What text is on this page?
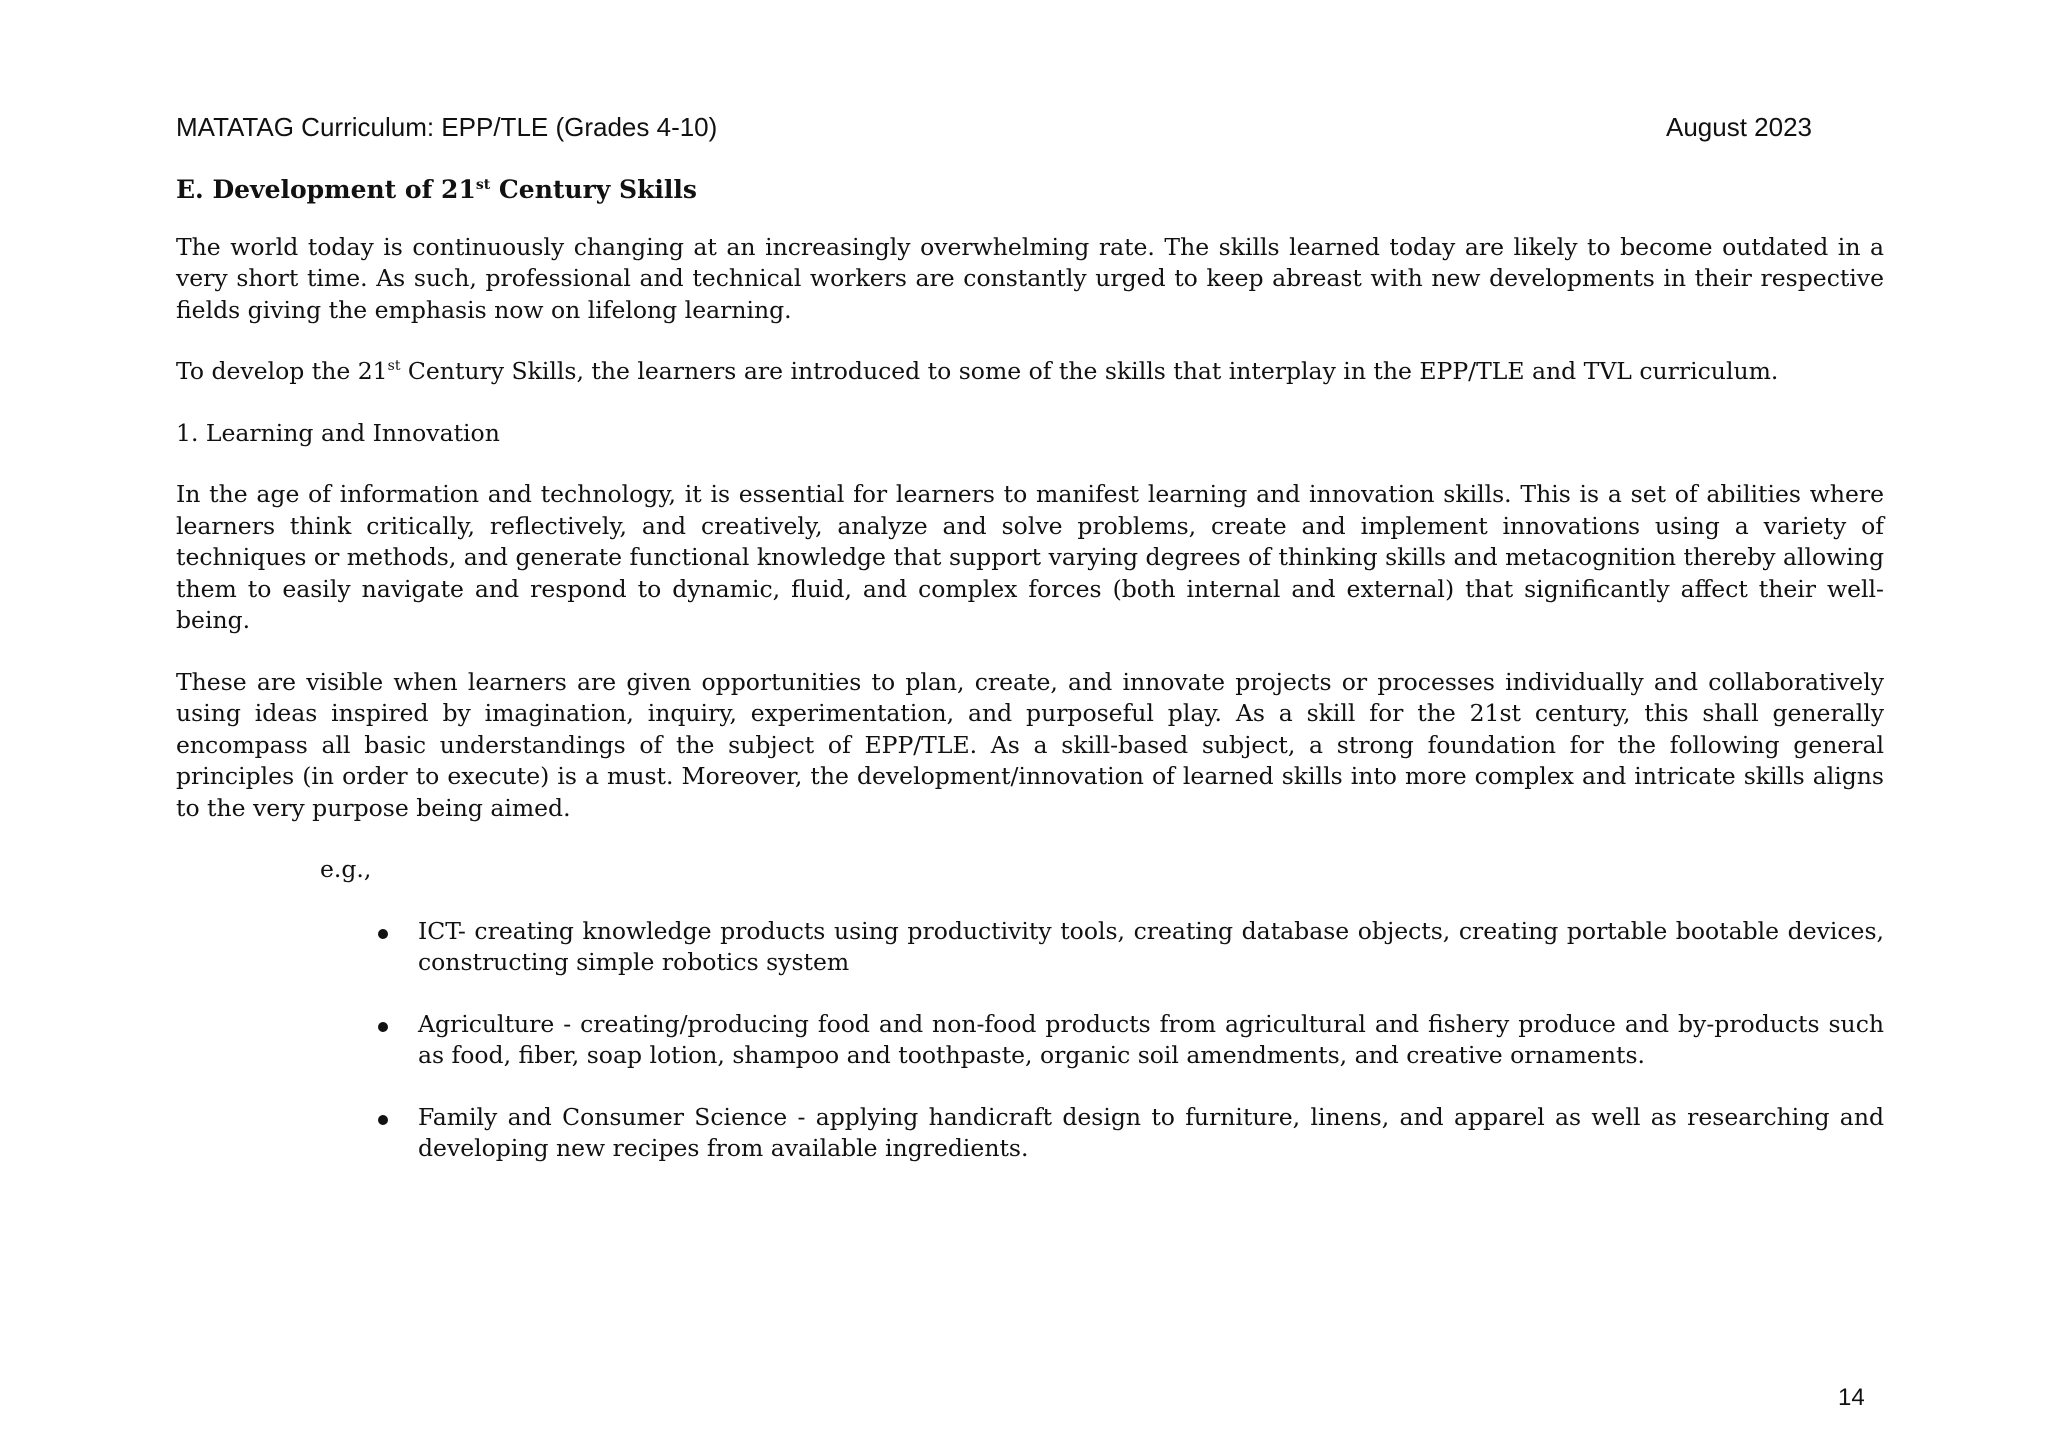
MATATAG Curriculum: EPP/TLE (Grades 4-10)	August 2023
E. Development of 21st Century Skills

The world today is continuously changing at an increasingly overwhelming rate. The skills learned today are likely to become outdated in a very short time. As such, professional and technical workers are constantly urged to keep abreast with new developments in their respective fields giving the emphasis now on lifelong learning.

To develop the 21st Century Skills, the learners are introduced to some of the skills that interplay in the EPP/TLE and TVL curriculum.

1. Learning and Innovation

In the age of information and technology, it is essential for learners to manifest learning and innovation skills. This is a set of abilities where learners think critically, reflectively, and creatively, analyze and solve problems, create and implement innovations using a variety of techniques or methods, and generate functional knowledge that support varying degrees of thinking skills and metacognition thereby allowing them to easily navigate and respond to dynamic, fluid, and complex forces (both internal and external) that significantly affect their well-being.

These are visible when learners are given opportunities to plan, create, and innovate projects or processes individually and collaboratively using ideas inspired by imagination, inquiry, experimentation, and purposeful play. As a skill for the 21st century, this shall generally encompass all basic understandings of the subject of EPP/TLE. As a skill-based subject, a strong foundation for the following general principles (in order to execute) is a must. Moreover, the development/innovation of learned skills into more complex and intricate skills aligns to the very purpose being aimed.

e.g.,
ICT- creating knowledge products using productivity tools, creating database objects, creating portable bootable devices, constructing simple robotics system
Agriculture - creating/producing food and non-food products from agricultural and fishery produce and by-products such as food, fiber, soap lotion, shampoo and toothpaste, organic soil amendments, and creative ornaments.
Family and Consumer Science - applying handicraft design to furniture, linens, and apparel as well as researching and developing new recipes from available ingredients.
14
